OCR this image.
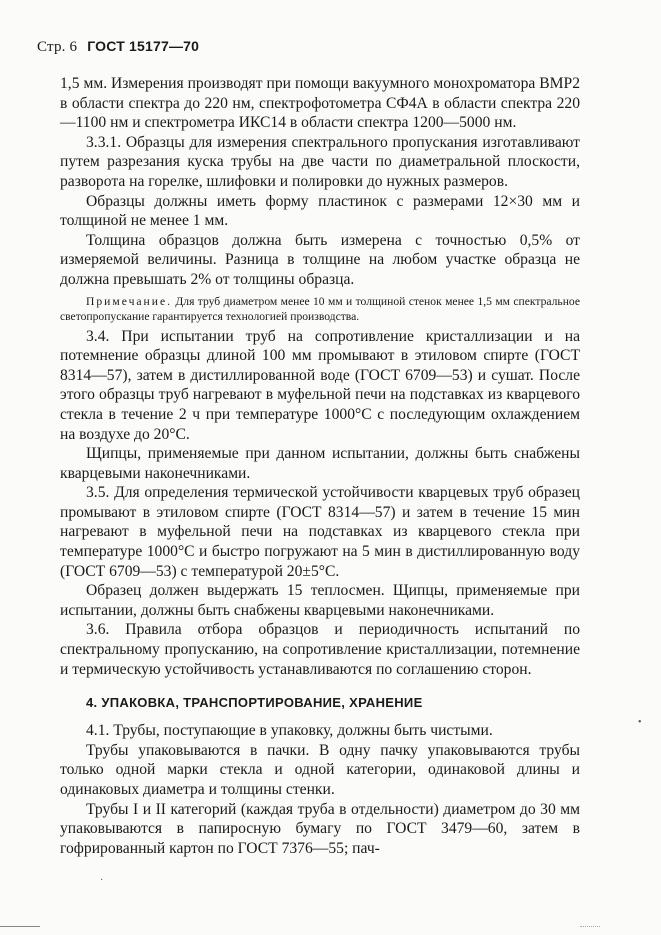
Стр. 6 ГОСТ 15177—70

1,5 мм. Измерения производят при помощи вакуумного монохроматора ВМР2 в области спектра до 220 нм, спектрофотометра СФ4А в области спектра 220—1100 нм и спектрометра ИКС14 в области спектра 1200—5000 нм.

3.3.1. Образцы для измерения спектрального пропускания изготавливают путем разрезания куска трубы на две части по диаметральной плоскости, разворота на горелке, шлифовки и полировки до нужных размеров.

Образцы должны иметь форму пластинок с размерами 12×30 мм и толщиной не менее 1 мм.

Толщина образцов должна быть измерена с точностью 0,5% от измеряемой величины. Разница в толщине на любом участке образца не должна превышать 2% от толщины образца.

Примечание. Для труб диаметром менее 10 мм и толщиной стенок менее 1,5 мм спектральное светопропускание гарантируется технологией производства.

3.4. При испытании труб на сопротивление кристаллизации и на потемнение образцы длиной 100 мм промывают в этиловом спирте (ГОСТ 8314—57), затем в дистиллированной воде (ГОСТ 6709—53) и сушат. После этого образцы труб нагревают в муфельной печи на подставках из кварцевого стекла в течение 2 ч при температуре 1000°С с последующим охлаждением на воздухе до 20°С.

Щипцы, применяемые при данном испытании, должны быть снабжены кварцевыми наконечниками.

3.5. Для определения термической устойчивости кварцевых труб образец промывают в этиловом спирте (ГОСТ 8314—57) и затем в течение 15 мин нагревают в муфельной печи на подставках из кварцевого стекла при температуре 1000°С и быстро погружают на 5 мин в дистиллированную воду (ГОСТ 6709—53) с температурой 20±5°С.

Образец должен выдержать 15 теплосмен. Щипцы, применяемые при испытании, должны быть снабжены кварцевыми наконечниками.

3.6. Правила отбора образцов и периодичность испытаний по спектральному пропусканию, на сопротивление кристаллизации, потемнение и термическую устойчивость устанавливаются по соглашению сторон.

4. УПАКОВКА, ТРАНСПОРТИРОВАНИЕ, ХРАНЕНИЕ

4.1. Трубы, поступающие в упаковку, должны быть чистыми.

Трубы упаковываются в пачки. В одну пачку упаковываются трубы только одной марки стекла и одной категории, одинаковой длины и одинаковых диаметра и толщины стенки.

Трубы I и II категорий (каждая труба в отдельности) диаметром до 30 мм упаковываются в папиросную бумагу по ГОСТ 3479—60, затем в гофрированный картон по ГОСТ 7376—55; пач-

•
·
